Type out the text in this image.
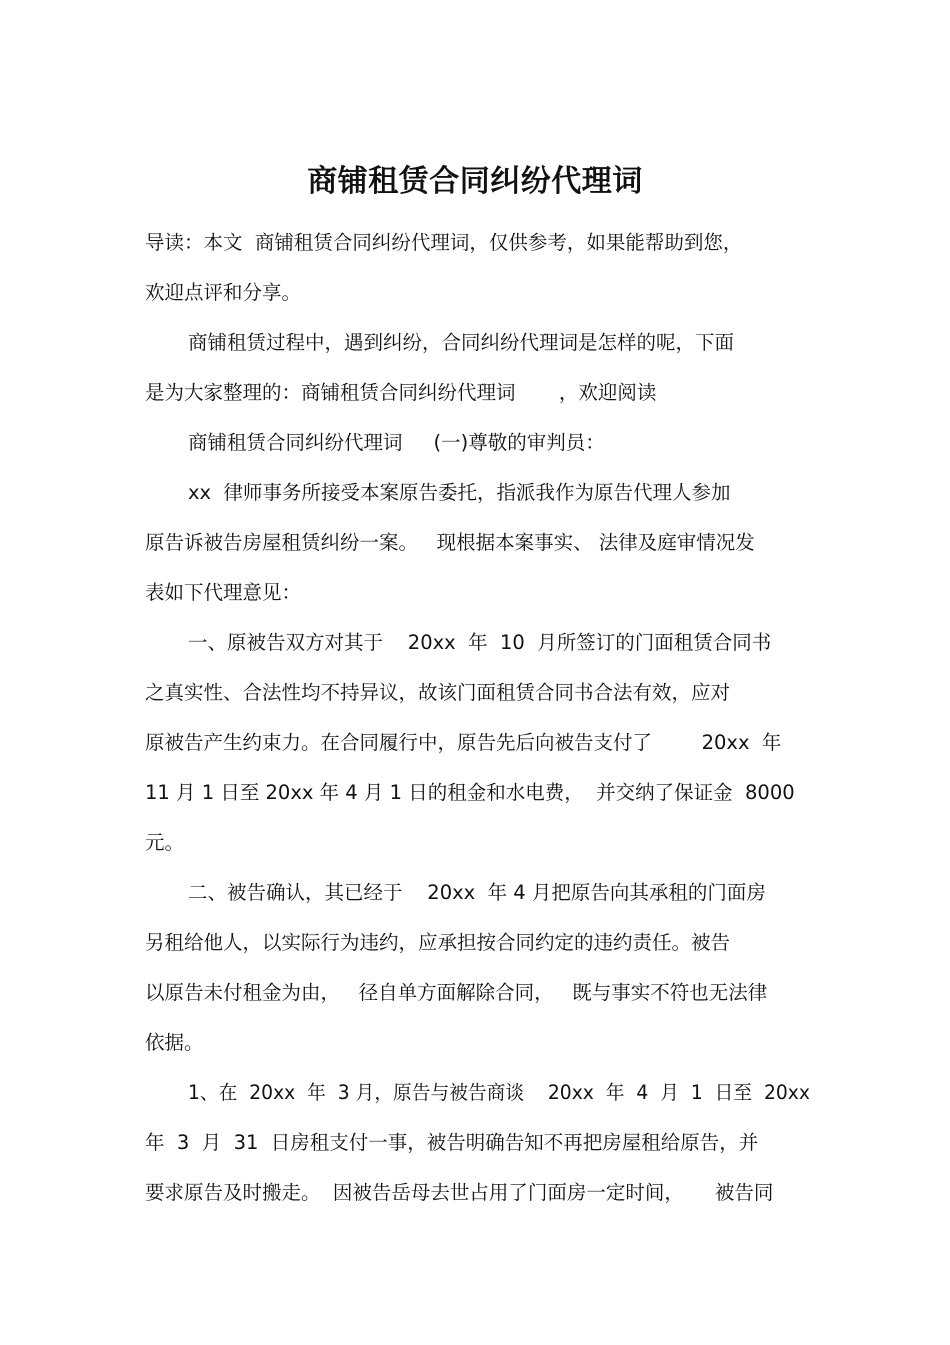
商铺租赁合同纠纷代理词

导读：本文  商铺租赁合同纠纷代理词，仅供参考，如果能帮助到您，

欢迎点评和分享。

商铺租赁过程中，遇到纠纷，合同纠纷代理词是怎样的呢，下面

是为大家整理的：商铺租赁合同纠纷代理词       ，欢迎阅读

商铺租赁合同纠纷代理词     (一)尊敬的审判员：

xx  律师事务所接受本案原告委托，指派我作为原告代理人参加

原告诉被告房屋租赁纠纷一案。   现根据本案事实、 法律及庭审情况发

表如下代理意见：

一、原被告双方对其于    20xx  年  10  月所签订的门面租赁合同书

之真实性、合法性均不持异议，故该门面租赁合同书合法有效，应对

原被告产生约束力。在合同履行中，原告先后向被告支付了        20xx  年

11 月 1 日至 20xx 年 4 月 1 日的租金和水电费，  并交纳了保证金  8000

元。

二、被告确认，其已经于    20xx  年 4 月把原告向其承租的门面房

另租给他人，以实际行为违约，应承担按合同约定的违约责任。被告

以原告未付租金为由，   径自单方面解除合同，   既与事实不符也无法律

依据。

1、在  20xx  年  3 月，原告与被告商谈    20xx  年  4  月  1  日至  20xx

年  3  月  31  日房租支付一事，被告明确告知不再把房屋租给原告，并

要求原告及时搬走。  因被告岳母去世占用了门面房一定时间，     被告同
